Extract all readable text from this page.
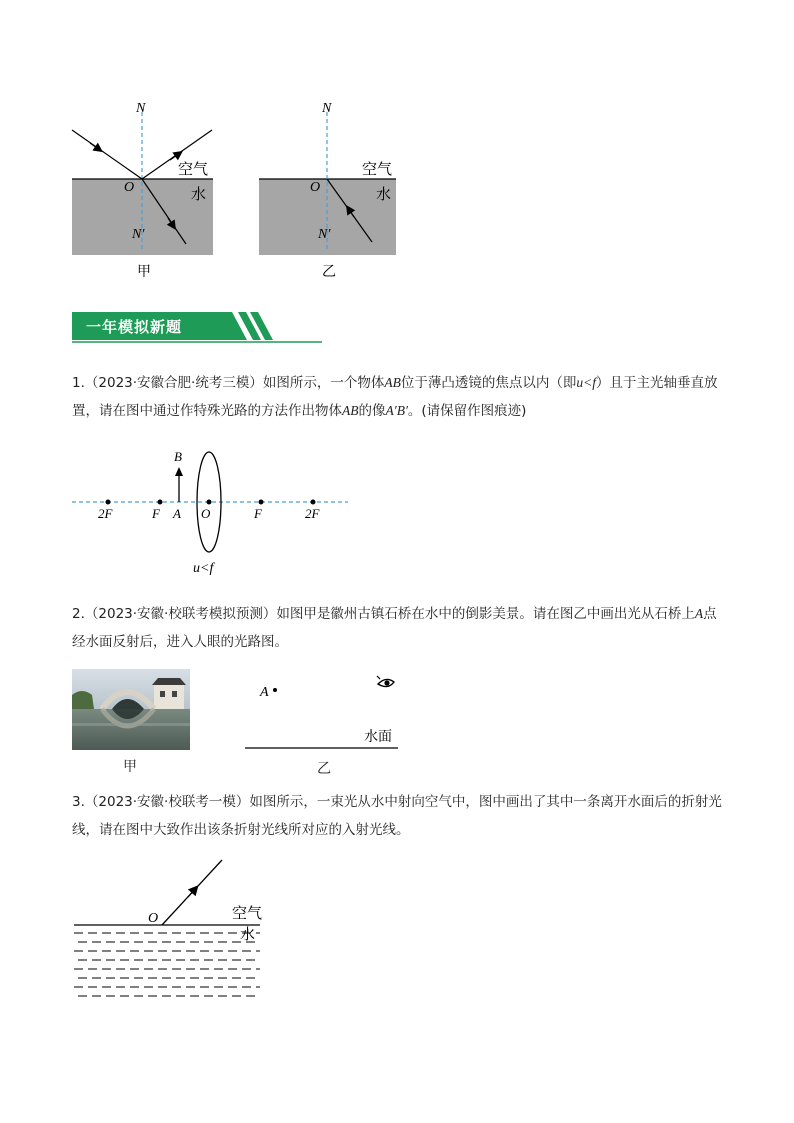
N
N′
O
空气
水
甲
N
N′
O
空气
水
乙
一年模拟新题
1.（2023·安徽合肥·统考三模）如图所示，一个物体AB位于薄凸透镜的焦点以内（即u<f）且于主光轴垂直放置，请在图中通过作特殊光路的方法作出物体AB的像A′B′。(请保留作图痕迹)
B
2F	F A O	F	2F
u<f
2.（2023·安徽·校联考模拟预测）如图甲是徽州古镇石桥在水中的倒影美景。请在图乙中画出光从石桥上A点经水面反射后，进入人眼的光路图。
A
水面
甲	乙
3.（2023·安徽·校联考一模）如图所示，一束光从水中射向空气中，图中画出了其中一条离开水面后的折射光线，请在图中大致作出该条折射光线所对应的入射光线。
O	空气
水
